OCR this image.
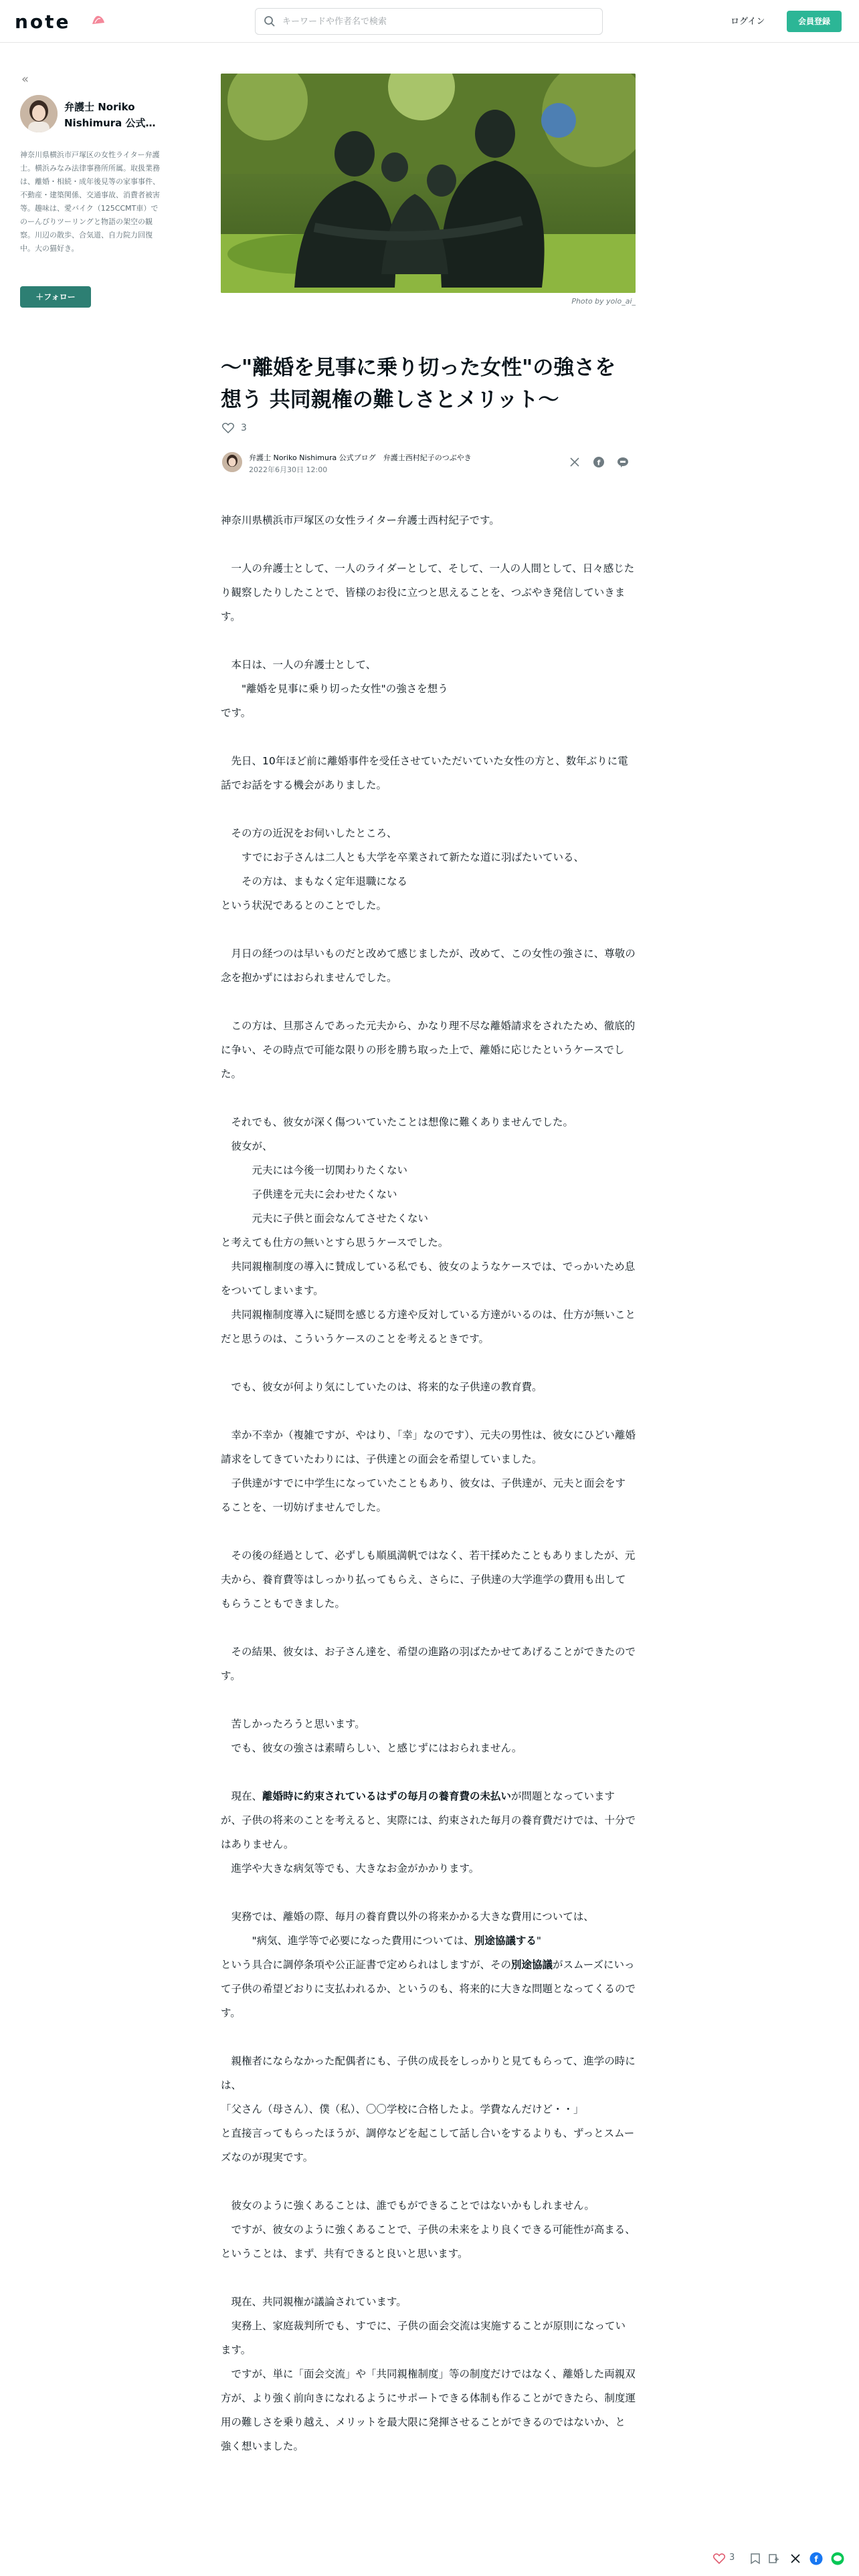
note
キーワードや作者名で検索	ログイン	会員登録
«
弁護士 Noriko Nishimura 公式…
神奈川県横浜市戸塚区の女性ライター弁護士。横浜みなみ法律事務所所属。取扱業務は、離婚・相続・成年後見等の家事事件、不動産・建築関係、交通事故、消費者被害等。趣味は、愛バイク（125CCMT車）でのーんびりツーリングと物語の架空の観察。川辺の散歩、合気道、自力院力回復中。大の猫好き。
＋フォロー	Photo by yolo_ai_
〜"離婚を見事に乗り切った女性"の強さを想う 共同親権の難しさとメリット〜
3
弁護士 Noriko Nishimura 公式ブログ　弁護士西村紀子のつぶやき
2022年6月30日 12:00
f

神奈川県横浜市戸塚区の女性ライター弁護士西村紀子です。

　一人の弁護士として、一人のライダーとして、そして、一人の人間として、日々感じたり観察したりしたことで、皆様のお役に立つと思えることを、つぶやき発信していきます。

　本日は、一人の弁護士として、
　　"離婚を見事に乗り切った女性"の強さを想う
です。

　先日、10年ほど前に離婚事件を受任させていただいていた女性の方と、数年ぶりに電話でお話をする機会がありました。

　その方の近況をお伺いしたところ、
　　すでにお子さんは二人とも大学を卒業されて新たな道に羽ばたいている、
　　その方は、まもなく定年退職になる
という状況であるとのことでした。

　月日の経つのは早いものだと改めて感じましたが、改めて、この女性の強さに、尊敬の念を抱かずにはおられませんでした。

　この方は、旦那さんであった元夫から、かなり理不尽な離婚請求をされたため、徹底的に争い、その時点で可能な限りの形を勝ち取った上で、離婚に応じたというケースでした。

　それでも、彼女が深く傷ついていたことは想像に難くありませんでした。
　彼女が、
　　　元夫には今後一切関わりたくない
　　　子供達を元夫に会わせたくない
　　　元夫に子供と面会なんてさせたくない
と考えても仕方の無いとすら思うケースでした。
　共同親権制度の導入に賛成している私でも、彼女のようなケースでは、でっかいため息をついてしまいます。
　共同親権制度導入に疑問を感じる方達や反対している方達がいるのは、仕方が無いことだと思うのは、こういうケースのことを考えるときです。

　でも、彼女が何より気にしていたのは、将来的な子供達の教育費。

　幸か不幸か（複雑ですが、やはり、「幸」なのです）、元夫の男性は、彼女にひどい離婚請求をしてきていたわりには、子供達との面会を希望していました。
　子供達がすでに中学生になっていたこともあり、彼女は、子供達が、元夫と面会をすることを、一切妨げませんでした。

　その後の経過として、必ずしも順風満帆ではなく、若干揉めたこともありましたが、元夫から、養育費等はしっかり払ってもらえ、さらに、子供達の大学進学の費用も出してもらうこともできました。

　その結果、彼女は、お子さん達を、希望の進路の羽ばたかせてあげることができたのです。

　苦しかったろうと思います。
　でも、彼女の強さは素晴らしい、と感じずにはおられません。

　現在、離婚時に約束されているはずの毎月の養育費の未払いが問題となっていますが、子供の将来のことを考えると、実際には、約束された毎月の養育費だけでは、十分ではありません。
　進学や大きな病気等でも、大きなお金がかかります。

　実務では、離婚の際、毎月の養育費以外の将来かかる大きな費用については、
　　　"病気、進学等で必要になった費用については、別途協議する"
という具合に調停条項や公正証書で定められはしますが、その別途協議がスムーズにいって子供の希望どおりに支払われるか、というのも、将来的に大きな問題となってくるのです。

　親権者にならなかった配偶者にも、子供の成長をしっかりと見てもらって、進学の時には、
「父さん（母さん）、僕（私）、〇〇学校に合格したよ。学費なんだけど・・」
と直接言ってもらったほうが、調停などを起こして話し合いをするよりも、ずっとスムーズなのが現実です。

　彼女のように強くあることは、誰でもができることではないかもしれません。
　ですが、彼女のように強くあることで、子供の未来をより良くできる可能性が高まる、ということは、まず、共有できると良いと思います。

　現在、共同親権が議論されています。
　実務上、家庭裁判所でも、すでに、子供の面会交流は実施することが原則になっています。
　ですが、単に「面会交流」や「共同親権制度」等の制度だけではなく、離婚した両親双方が、より強く前向きになれるようにサポートできる体制も作ることができたら、制度運用の難しさを乗り越え、メリットを最大限に発揮させることができるのではないか、と強く想いました。

3	f
